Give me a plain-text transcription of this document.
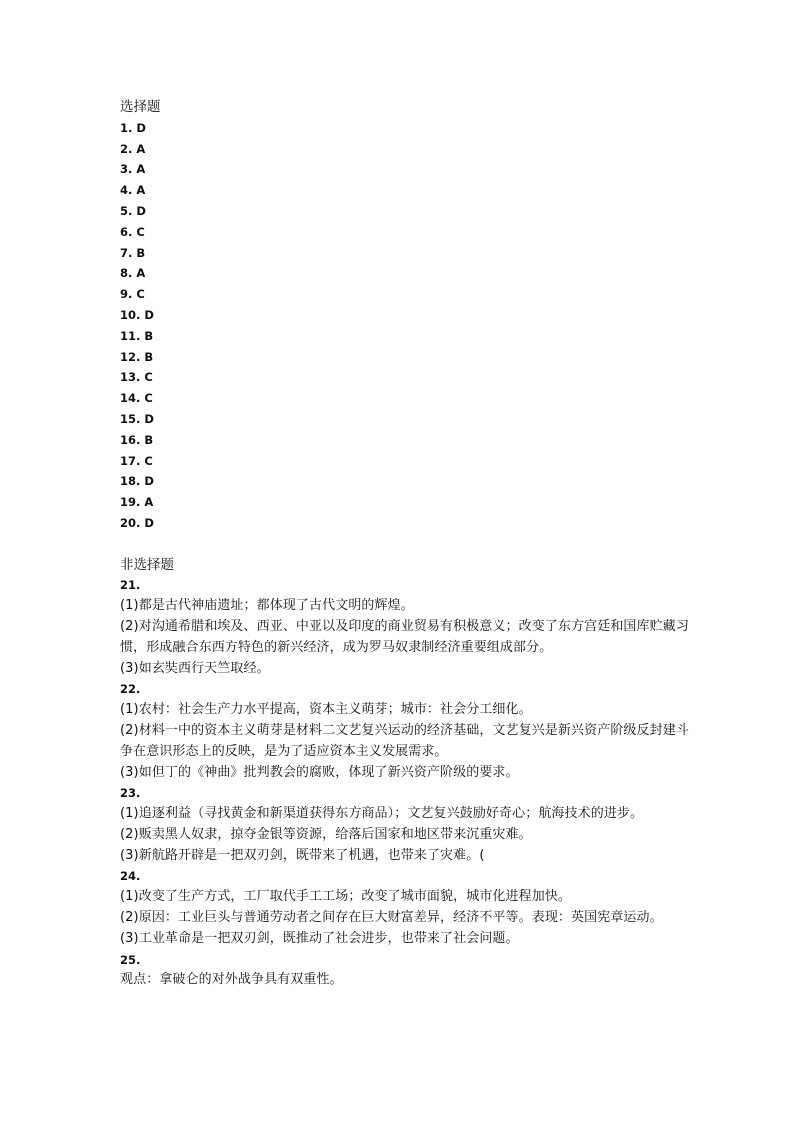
选择题
1. D
2. A
3. A
4. A
5. D
6. C
7. B
8. A
9. C
10. D
11. B
12. B
13. C
14. C
15. D
16. B
17. C
18. D
19. A
20. D
非选择题
21.
(1)都是古代神庙遗址；都体现了古代文明的辉煌。
(2)对沟通希腊和埃及、西亚、中亚以及印度的商业贸易有积极意义；改变了东方宫廷和国库贮藏习惯，形成融合东西方特色的新兴经济，成为罗马奴隶制经济重要组成部分。
(3)如玄奘西行天竺取经。
22.
(1)农村：社会生产力水平提高，资本主义萌芽；城市：社会分工细化。
(2)材料一中的资本主义萌芽是材料二文艺复兴运动的经济基础，文艺复兴是新兴资产阶级反封建斗争在意识形态上的反映，是为了适应资本主义发展需求。
(3)如但丁的《神曲》批判教会的腐败，体现了新兴资产阶级的要求。
23.
(1)追逐利益（寻找黄金和新渠道获得东方商品）；文艺复兴鼓励好奇心；航海技术的进步。
(2)贩卖黑人奴隶，掠夺金银等资源，给落后国家和地区带来沉重灾难。
(3)新航路开辟是一把双刃剑，既带来了机遇，也带来了灾难。(
24.
(1)改变了生产方式，工厂取代手工工场；改变了城市面貌，城市化进程加快。
(2)原因：工业巨头与普通劳动者之间存在巨大财富差异，经济不平等。表现：英国宪章运动。
(3)工业革命是一把双刃剑，既推动了社会进步，也带来了社会问题。
25.
观点：拿破仑的对外战争具有双重性。
